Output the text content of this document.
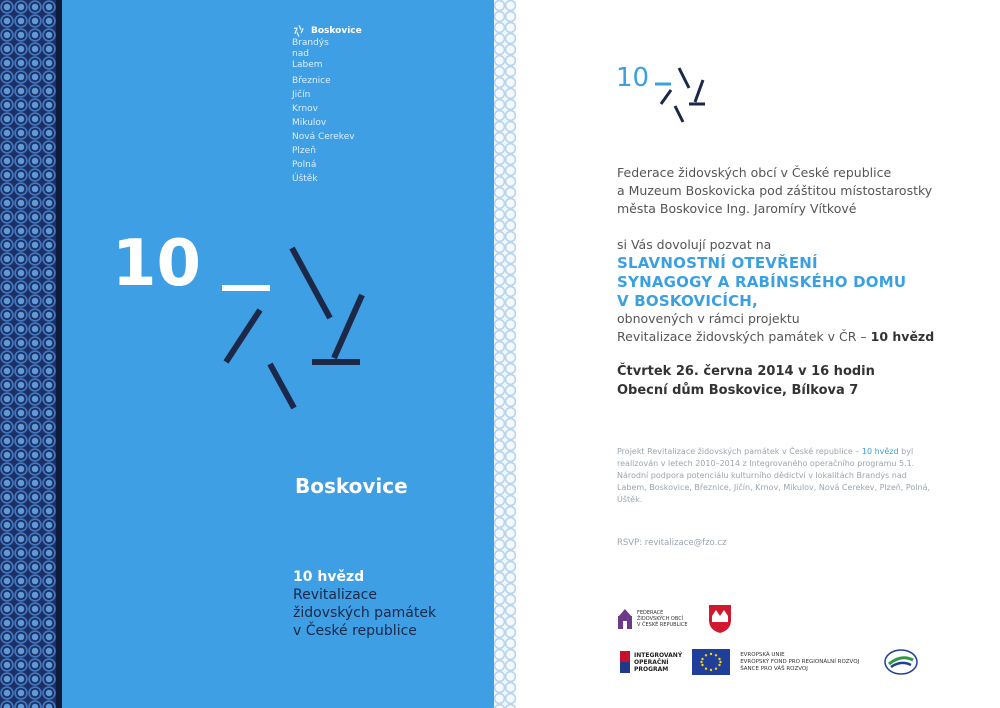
Boskovice
Brandýs nad Labem
Březnice
Jičín
Krnov
Mikulov
Nová Cerekev
Plzeň
Polná
Úštěk
10
Boskovice
10 hvězd
Revitalizace
židovských památek
v České republice
10
Federace židovských obcí v České republice
a Muzeum Boskovicka pod záštitou místostarostky
města Boskovice Ing. Jaromíry Vítkové
si Vás dovolují pozvat na
SLAVNOSTNÍ OTEVŘENÍ
SYNAGOGY A RABÍNSKÉHO DOMU
V BOSKOVICÍCH,
obnovených v rámci projektu
Revitalizace židovských památek v ČR – 10 hvězd
Čtvrtek 26. června 2014 v 16 hodin
Obecní dům Boskovice, Bílkova 7
Projekt Revitalizace židovských památek v České republice – 10 hvězd byl realizován v letech 2010–2014 z Integrovaného operačního programu 5.1. Národní podpora potenciálu kulturního dědictví v lokalitách Brandýs nad Labem, Boskovice, Březnice, Jičín, Krnov, Mikulov, Nová Cerekev, Plzeň, Polná, Úštěk.
RSVP: revitalizace@fzo.cz
FEDERACE
ŽIDOVSKÝCH OBCÍ
V ČESKÉ REPUBLICE
INTEGROVANÝ
OPERAČNÍ
PROGRAM
EVROPSKÁ UNIE
EVROPSKÝ FOND PRO REGIONÁLNÍ ROZVOJ
ŠANCE PRO VÁŠ ROZVOJ
